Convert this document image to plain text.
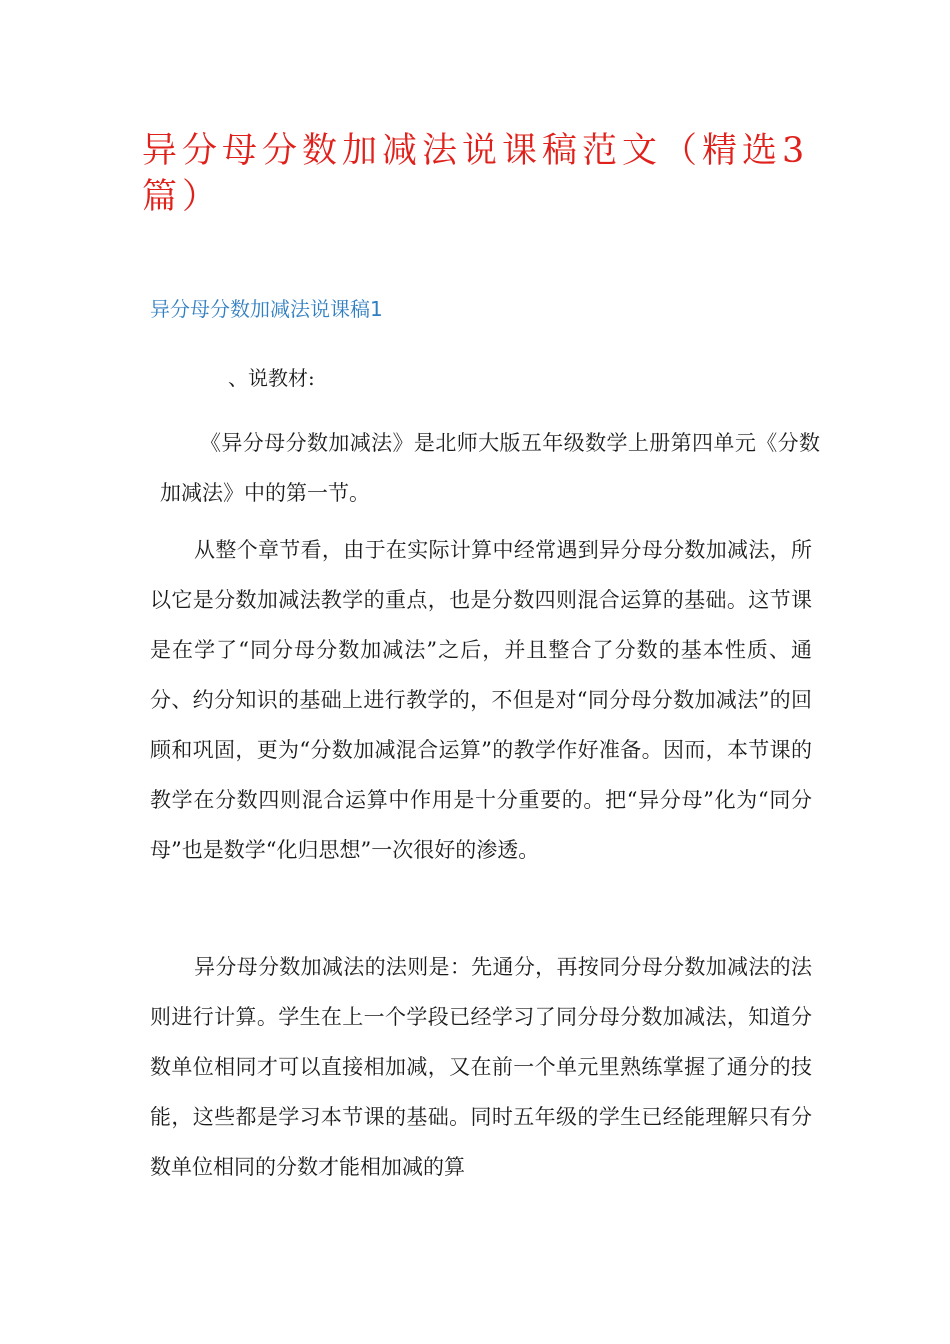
异分母分数加减法说课稿范文（精选3篇）
异分母分数加减法说课稿1
、说教材:

《异分母分数加减法》是北师大版五年级数学上册第四单元《分数加减法》中的第一节。

从整个章节看，由于在实际计算中经常遇到异分母分数加减法，所以它是分数加减法教学的重点，也是分数四则混合运算的基础。这节课是在学了“同分母分数加减法”之后，并且整合了分数的基本性质、通分、约分知识的基础上进行教学的，不但是对“同分母分数加减法”的回顾和巩固，更为“分数加减混合运算”的教学作好准备。因而，本节课的教学在分数四则混合运算中作用是十分重要的。把“异分母”化为“同分母”也是数学“化归思想”一次很好的渗透。

异分母分数加减法的法则是：先通分，再按同分母分数加减法的法则进行计算。学生在上一个学段已经学习了同分母分数加减法，知道分数单位相同才可以直接相加减，又在前一个单元里熟练掌握了通分的技能，这些都是学习本节课的基础。同时五年级的学生已经能理解只有分数单位相同的分数才能相加减的算
